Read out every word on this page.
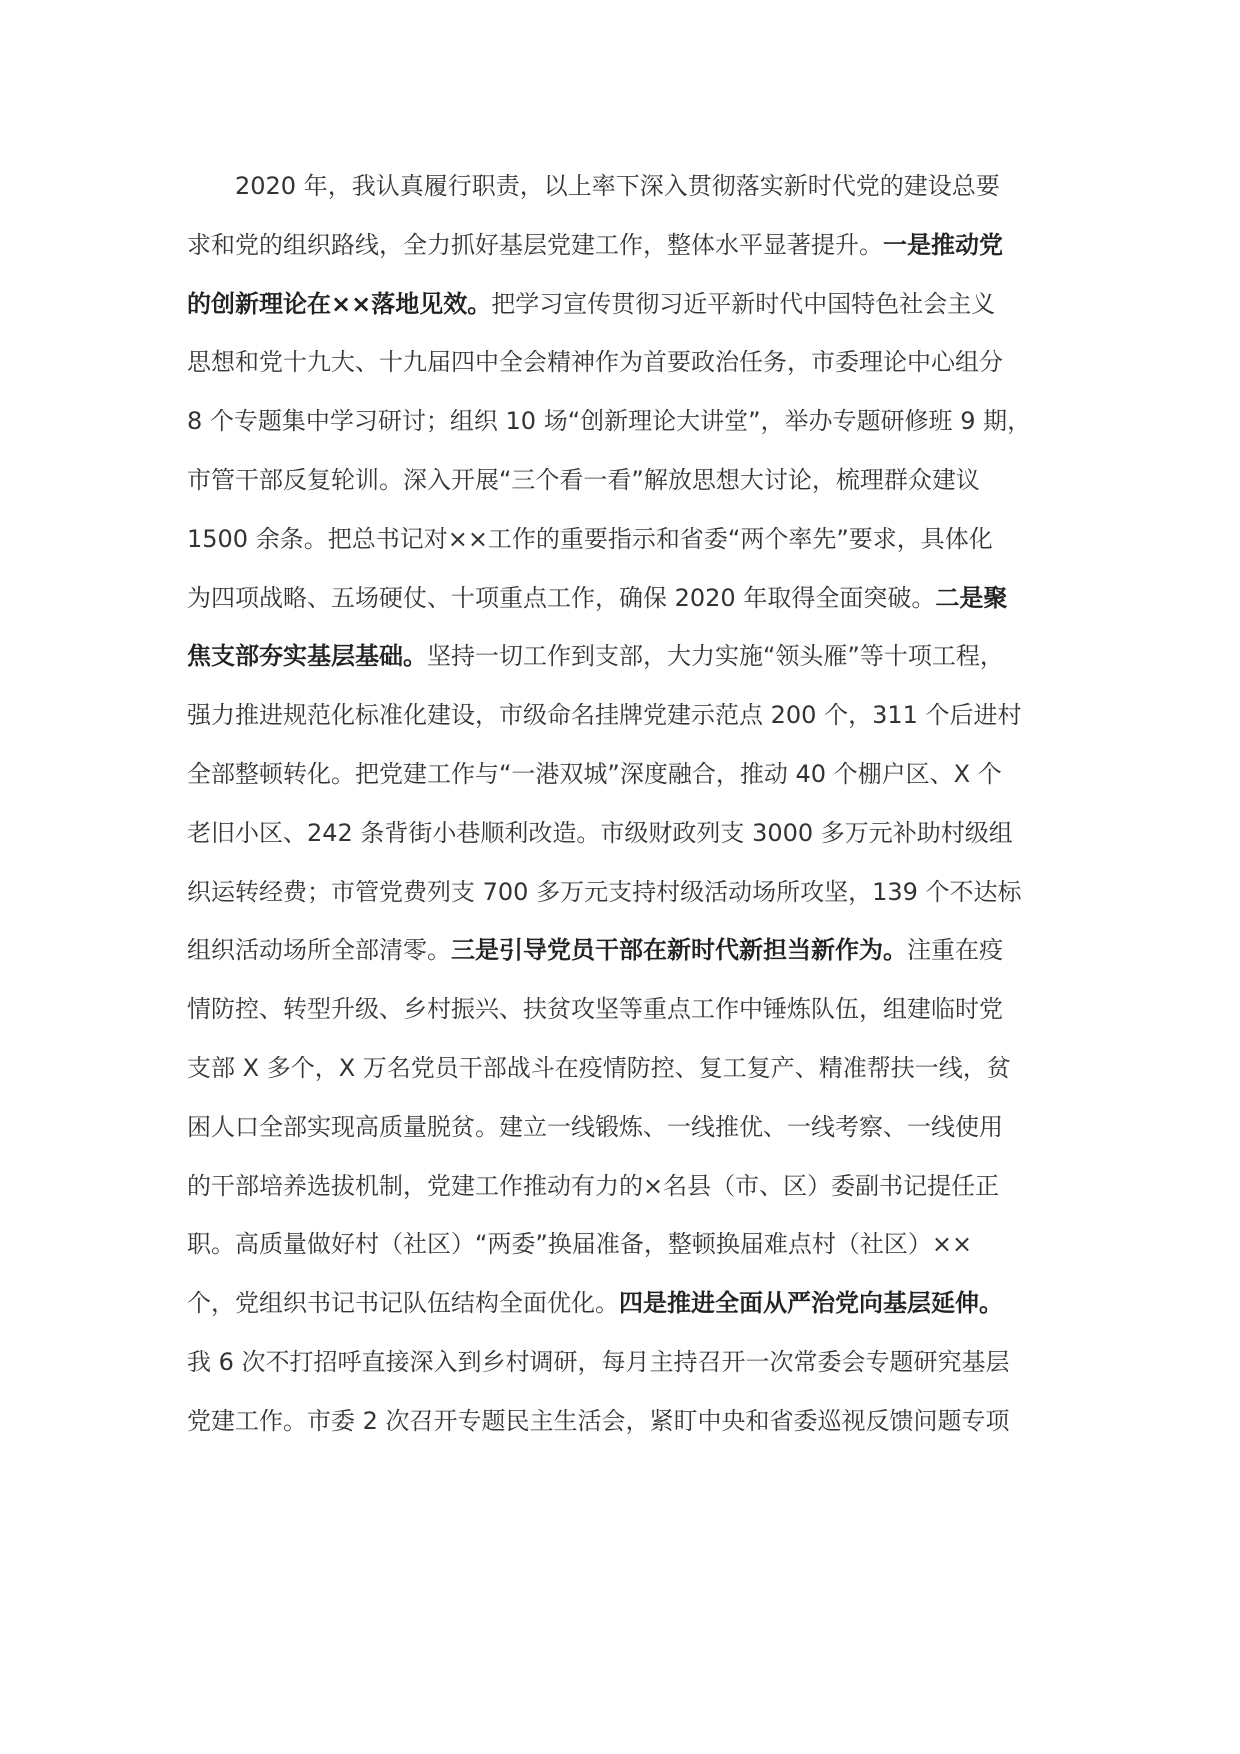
2020 年，我认真履行职责，以上率下深入贯彻落实新时代党的建设总要
求和党的组织路线，全力抓好基层党建工作，整体水平显著提升。一是推动党
的创新理论在××落地见效。把学习宣传贯彻习近平新时代中国特色社会主义
思想和党十九大、十九届四中全会精神作为首要政治任务，市委理论中心组分
8 个专题集中学习研讨；组织 10 场“创新理论大讲堂”，举办专题研修班 9 期，
市管干部反复轮训。深入开展“三个看一看”解放思想大讨论，梳理群众建议
1500 余条。把总书记对××工作的重要指示和省委“两个率先”要求，具体化
为四项战略、五场硬仗、十项重点工作，确保 2020 年取得全面突破。二是聚
焦支部夯实基层基础。坚持一切工作到支部，大力实施“领头雁”等十项工程，
强力推进规范化标准化建设，市级命名挂牌党建示范点 200 个，311 个后进村
全部整顿转化。把党建工作与“一港双城”深度融合，推动 40 个棚户区、X 个
老旧小区、242 条背街小巷顺利改造。市级财政列支 3000 多万元补助村级组
织运转经费；市管党费列支 700 多万元支持村级活动场所攻坚，139 个不达标
组织活动场所全部清零。三是引导党员干部在新时代新担当新作为。注重在疫
情防控、转型升级、乡村振兴、扶贫攻坚等重点工作中锤炼队伍，组建临时党
支部 X 多个，X 万名党员干部战斗在疫情防控、复工复产、精准帮扶一线，贫
困人口全部实现高质量脱贫。建立一线锻炼、一线推优、一线考察、一线使用
的干部培养选拔机制，党建工作推动有力的×名县（市、区）委副书记提任正
职。高质量做好村（社区）“两委”换届准备，整顿换届难点村（社区）××
个，党组织书记书记队伍结构全面优化。四是推进全面从严治党向基层延伸。
我 6 次不打招呼直接深入到乡村调研，每月主持召开一次常委会专题研究基层
党建工作。市委 2 次召开专题民主生活会，紧盯中央和省委巡视反馈问题专项
